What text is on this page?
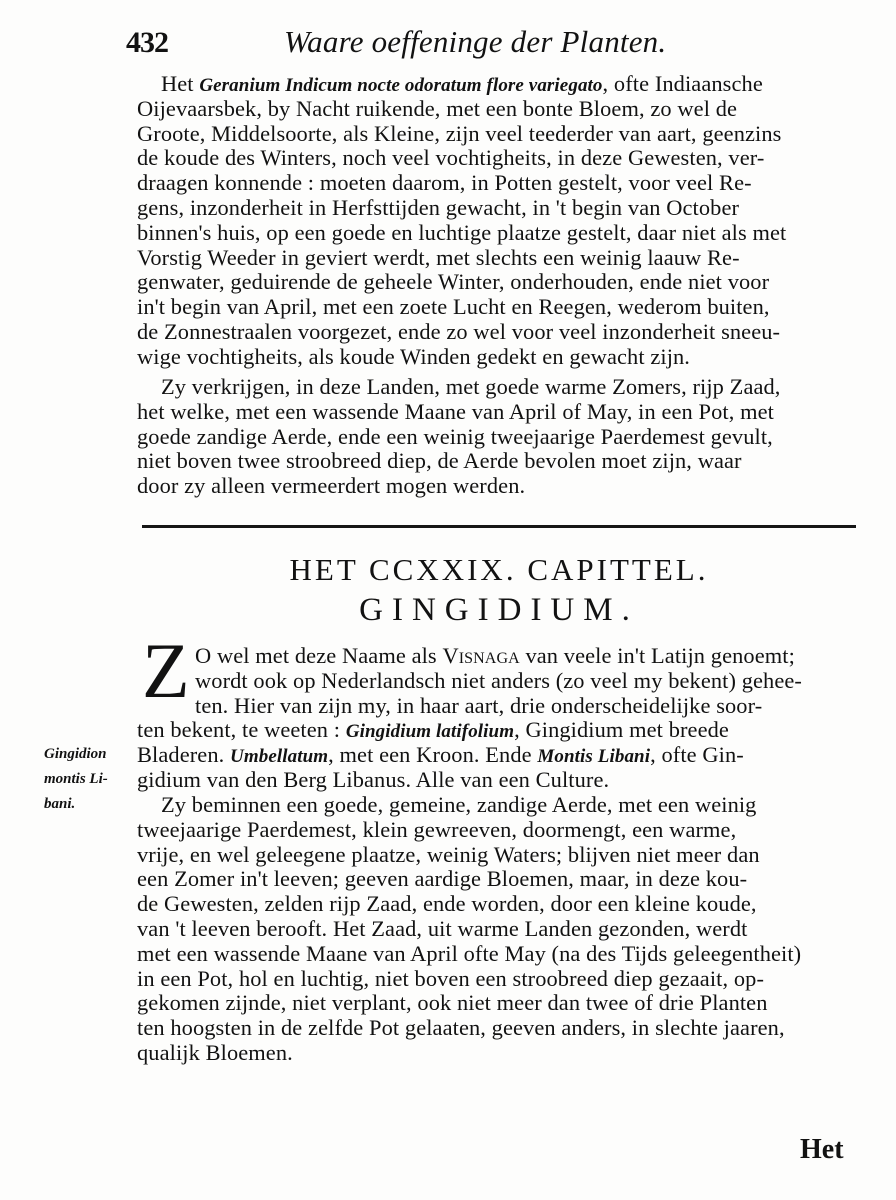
432	Waare oeffeninge der Planten.
Het Geranium Indicum nocte odoratum flore variegato, ofte Indiaansche
Oijevaarsbek, by Nacht ruikende, met een bonte Bloem, zo wel de
Groote, Middelsoorte, als Kleine, zijn veel teederder van aart, geenzins
de koude des Winters, noch veel vochtigheits, in deze Gewesten, ver-
draagen konnende : moeten daarom, in Potten gestelt, voor veel Re-
gens, inzonderheit in Herfsttijden gewacht, in 't begin van October
binnen's huis, op een goede en luchtige plaatze gestelt, daar niet als met
Vorstig Weeder in geviert werdt, met slechts een weinig laauw Re-
genwater, geduirende de geheele Winter, onderhouden, ende niet voor
in't begin van April, met een zoete Lucht en Reegen, wederom buiten,
de Zonnestraalen voorgezet, ende zo wel voor veel inzonderheit sneeu-
wige vochtigheits, als koude Winden gedekt en gewacht zijn.
Zy verkrijgen, in deze Landen, met goede warme Zomers, rijp Zaad,
het welke, met een wassende Maane van April of May, in een Pot, met
goede zandige Aerde, ende een weinig tweejaarige Paerdemest gevult,
niet boven twee stroobreed diep, de Aerde bevolen moet zijn, waar
door zy alleen vermeerdert mogen werden.
HET CCXXIX. CAPITTEL.
GINGIDIUM.
Z O wel met deze Naame als Visnaga van veele in't Latijn genoemt;
wordt ook op Nederlandsch niet anders (zo veel my bekent) gehee-
ten. Hier van zijn my, in haar aart, drie onderscheidelijke soor-
ten bekent, te weeten : Gingidium latifolium, Gingidium met breede
Bladeren. Umbellatum, met een Kroon. Ende Montis Libani, ofte Gin-
gidium van den Berg Libanus. Alle van een Culture.
Gingidion
montis Li-
bani.	Zy beminnen een goede, gemeine, zandige Aerde, met een weinig
tweejaarige Paerdemest, klein gewreeven, doormengt, een warme,
vrije, en wel geleegene plaatze, weinig Waters; blijven niet meer dan
een Zomer in't leeven; geeven aardige Bloemen, maar, in deze kou-
de Gewesten, zelden rijp Zaad, ende worden, door een kleine koude,
van 't leeven berooft. Het Zaad, uit warme Landen gezonden, werdt
met een wassende Maane van April ofte May (na des Tijds geleegentheit)
in een Pot, hol en luchtig, niet boven een stroobreed diep gezaait, op-
gekomen zijnde, niet verplant, ook niet meer dan twee of drie Planten
ten hoogsten in de zelfde Pot gelaaten, geeven anders, in slechte jaaren,
qualijk Bloemen.
Het
